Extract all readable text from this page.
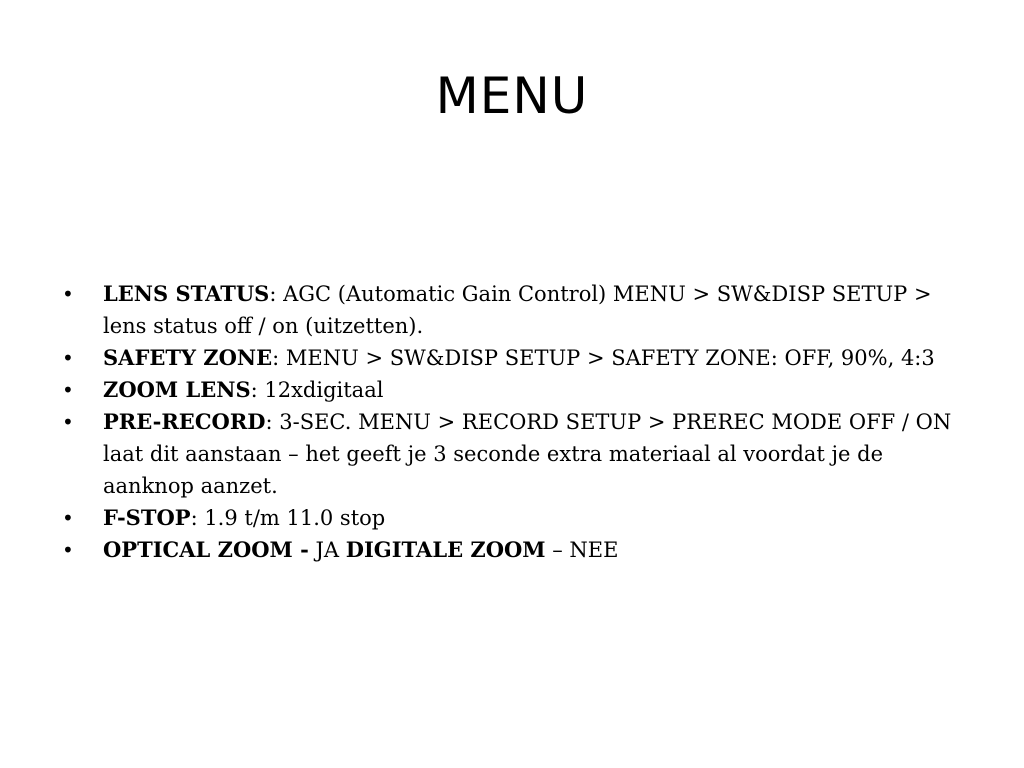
MENU
• LENS STATUS: AGC (Automatic Gain Control) MENU > SW&DISP SETUP > lens status off / on (uitzetten).
• SAFETY ZONE: MENU > SW&DISP SETUP > SAFETY ZONE: OFF, 90%, 4:3
• ZOOM LENS: 12xdigitaal
• PRE-RECORD: 3-SEC. MENU > RECORD SETUP > PREREC MODE OFF / ON laat dit aanstaan – het geeft je 3 seconde extra materiaal al voordat je de aanknop aanzet.
• F-STOP: 1.9 t/m 11.0 stop
• OPTICAL ZOOM - JA DIGITALE ZOOM – NEE
